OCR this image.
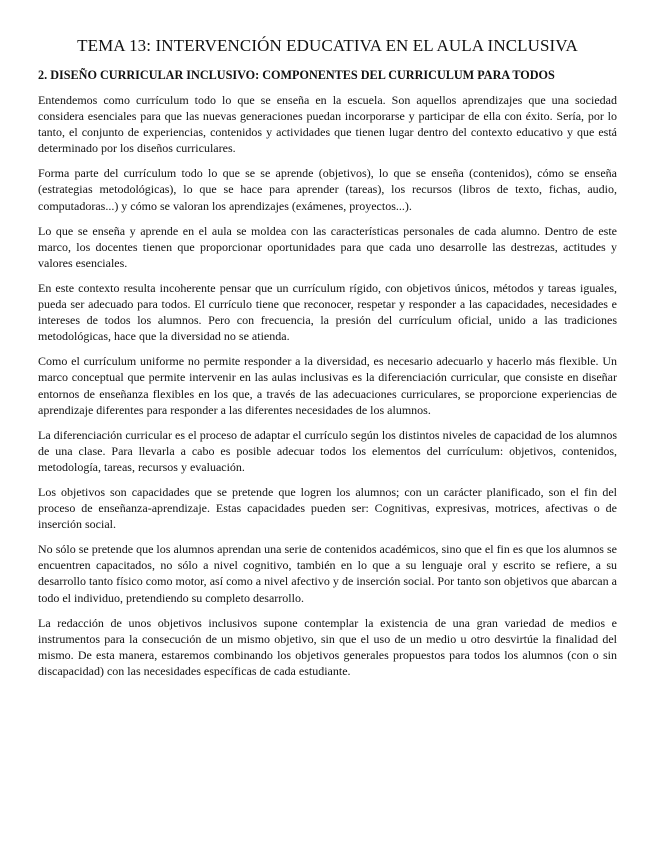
TEMA 13: INTERVENCIÓN EDUCATIVA EN EL AULA INCLUSIVA
2. DISEÑO CURRICULAR INCLUSIVO: COMPONENTES DEL CURRICULUM PARA TODOS

Entendemos como currículum todo lo que se enseña en la escuela. Son aquellos aprendizajes que una sociedad considera esenciales para que las nuevas generaciones puedan incorporarse y participar de ella con éxito. Sería, por lo tanto, el conjunto de experiencias, contenidos y actividades que tienen lugar dentro del contexto educativo y que está determinado por los diseños curriculares.

Forma parte del currículum todo lo que se se aprende (objetivos), lo que se enseña (contenidos), cómo se enseña (estrategias metodológicas), lo que se hace para aprender (tareas), los recursos (libros de texto, fichas, audio, computadoras...) y cómo se valoran los aprendizajes (exámenes, proyectos...).

Lo que se enseña y aprende en el aula se moldea con las características personales de cada alumno. Dentro de este marco, los docentes tienen que proporcionar oportunidades para que cada uno desarrolle las destrezas, actitudes y valores esenciales.

En este contexto resulta incoherente pensar que un currículum rígido, con objetivos únicos, métodos y tareas iguales, pueda ser adecuado para todos. El currículo tiene que reconocer, respetar y responder a las capacidades, necesidades e intereses de todos los alumnos. Pero con frecuencia, la presión del currículum oficial, unido a las tradiciones metodológicas, hace que la diversidad no se atienda.

Como el currículum uniforme no permite responder a la diversidad, es necesario adecuarlo y hacerlo más flexible. Un marco conceptual que permite intervenir en las aulas inclusivas es la diferenciación curricular, que consiste en diseñar entornos de enseñanza flexibles en los que, a través de las adecuaciones curriculares, se proporcione experiencias de aprendizaje diferentes para responder a las diferentes necesidades de los alumnos.

La diferenciación curricular es el proceso de adaptar el currículo según los distintos niveles de capacidad de los alumnos de una clase. Para llevarla a cabo es posible adecuar todos los elementos del currículum: objetivos, contenidos, metodología, tareas, recursos y evaluación.

Los objetivos son capacidades que se pretende que logren los alumnos; con un carácter planificado, son el fin del proceso de enseñanza-aprendizaje. Estas capacidades pueden ser: Cognitivas, expresivas, motrices, afectivas o de inserción social.

No sólo se pretende que los alumnos aprendan una serie de contenidos académicos, sino que el fin es que los alumnos se encuentren capacitados, no sólo a nivel cognitivo, también en lo que a su lenguaje oral y escrito se refiere, a su desarrollo tanto físico como motor, así como a nivel afectivo y de inserción social. Por tanto son objetivos que abarcan a todo el individuo, pretendiendo su completo desarrollo.

La redacción de unos objetivos inclusivos supone contemplar la existencia de una gran variedad de medios e instrumentos para la consecución de un mismo objetivo, sin que el uso de un medio u otro desvirtúe la finalidad del mismo. De esta manera, estaremos combinando los objetivos generales propuestos para todos los alumnos (con o sin discapacidad) con las necesidades específicas de cada estudiante.
